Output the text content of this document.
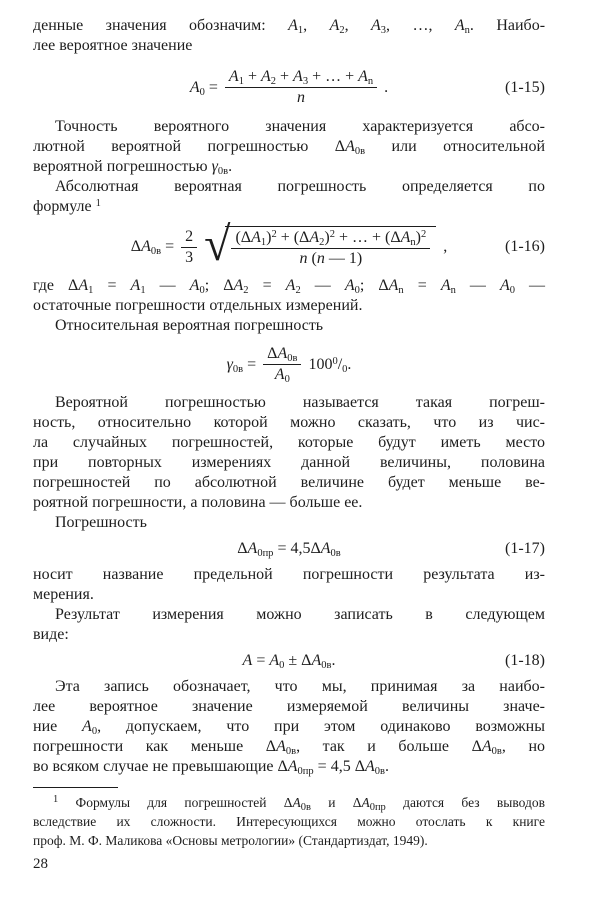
денные значения обозначим: $A_1$, $A_2$, $A_3$, …, $A_n$. Наибо-
лее вероятное значение
$A_0 = \frac{A_1 + A_2 + A_3 + \dots + A_n}{n}$ .	(1-15)
Точность вероятного значения характеризуется абсо-
лютной вероятной погрешностью $\Delta A_{0в}$ или относительной
вероятной погрешностью $\gamma_{0в}$.
Абсолютная вероятная погрешность определяется по
формуле $^1$
$\Delta A_{0в} = \frac{2}{3}$ √ $\frac{(\Delta A_1)^2 + (\Delta A_2)^2 + \dots + (\Delta A_n)^2}{n (n — 1)}$ ,	(1-16)
где $\Delta A_1 = A_1$ — $A_0$; $\Delta A_2 = A_2$ — $A_0$; $\Delta A_n = A_n$ — $A_0$ —
остаточные погрешности отдельных измерений.
Относительная вероятная погрешность
$\gamma_{0в} = \frac{\Delta A_{0в}}{A_0} 100^0/_0$.
Вероятной погрешностью называется такая погреш-
ность, относительно которой можно сказать, что из чис-
ла случайных погрешностей, которые будут иметь место
при повторных измерениях данной величины, половина
погрешностей по абсолютной величине будет меньше ве-
роятной погрешности, а половина — больше ее.
Погрешность
$\Delta A_{0пр} = 4,5\Delta A_{0в}$	(1-17)
носит название предельной погрешности результата из-
мерения.
Результат измерения можно записать в следующем
виде:
$A = A_0 \pm \Delta A_{0в}$.	(1-18)
Эта запись обозначает, что мы, принимая за наибо-
лее вероятное значение измеряемой величины значе-
ние $A_0$, допускаем, что при этом одинаково возможны
погрешности как меньше $\Delta A_{0в}$, так и больше $\Delta A_{0в}$, но
во всяком случае не превышающие $\Delta A_{0пр} = 4,5$ $\Delta A_{0в}$.
$^1$ Формулы для погрешностей $\Delta A_{0в}$ и $\Delta A_{0пр}$ даются без выводов
вследствие их сложности. Интересующихся можно отослать к книге
проф. М. Ф. Маликова «Основы метрологии» (Стандартиздат, 1949).
28
